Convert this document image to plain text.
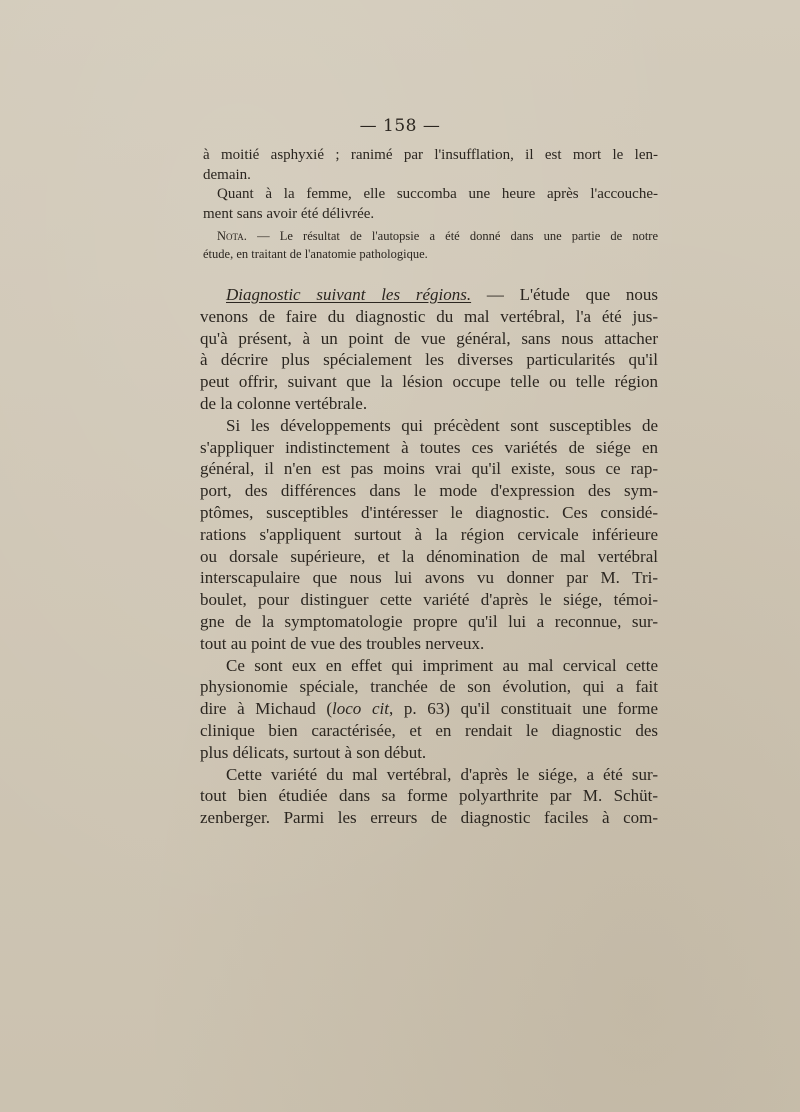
— 158 —
à moitié asphyxié ; ranimé par l'insufflation, il est mort le len-
demain.
Quant à la femme, elle succomba une heure après l'accouche-
ment sans avoir été délivrée.
Nota. — Le résultat de l'autopsie a été donné dans une partie de notre
étude, en traitant de l'anatomie pathologique.
Diagnostic suivant les régions. — L'étude que nous
venons de faire du diagnostic du mal vertébral, l'a été jus-
qu'à présent, à un point de vue général, sans nous attacher
à décrire plus spécialement les diverses particularités qu'il
peut offrir, suivant que la lésion occupe telle ou telle région
de la colonne vertébrale.
Si les développements qui précèdent sont susceptibles de
s'appliquer indistinctement à toutes ces variétés de siége en
général, il n'en est pas moins vrai qu'il existe, sous ce rap-
port, des différences dans le mode d'expression des sym-
ptômes, susceptibles d'intéresser le diagnostic. Ces considé-
rations s'appliquent surtout à la région cervicale inférieure
ou dorsale supérieure, et la dénomination de mal vertébral
interscapulaire que nous lui avons vu donner par M. Tri-
boulet, pour distinguer cette variété d'après le siége, témoi-
gne de la symptomatologie propre qu'il lui a reconnue, sur-
tout au point de vue des troubles nerveux.
Ce sont eux en effet qui impriment au mal cervical cette
physionomie spéciale, tranchée de son évolution, qui a fait
dire à Michaud (loco cit, p. 63) qu'il constituait une forme
clinique bien caractérisée, et en rendait le diagnostic des
plus délicats, surtout à son début.
Cette variété du mal vertébral, d'après le siége, a été sur-
tout bien étudiée dans sa forme polyarthrite par M. Schüt-
zenberger. Parmi les erreurs de diagnostic faciles à com-
